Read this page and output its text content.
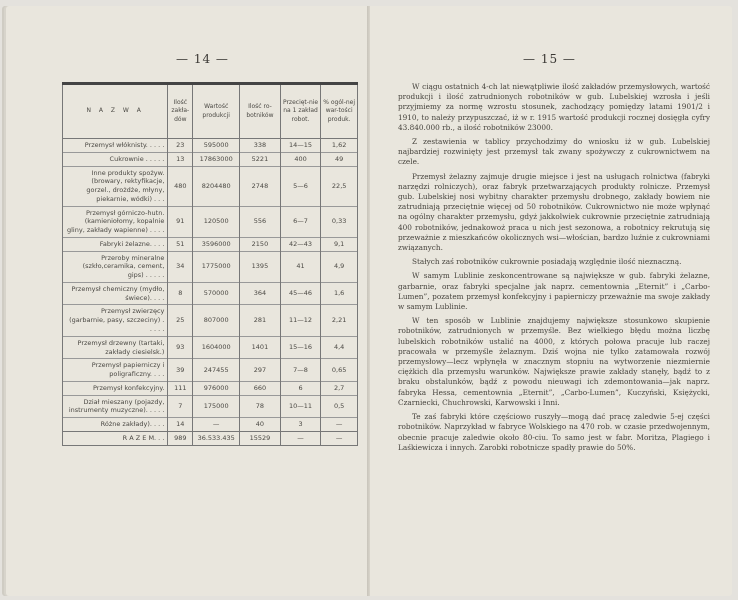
— 14 —
N A Z W A	Ilość zakła-dów	Wartość produkcji	Ilość ro-botników	Przecięt-nie na 1 zakład robot.	% ogól-nej war-tości produk.
Przemysł włóknisty. . . . .	23	595000	338	14—15	1,62
Cukrownie . . . . .	13	17863000	5221	400	49
Inne produkty spożyw. (browary, rektyfikacje, gorzel., drożdże, młyny, piekarnie, wódki) . . .	480	8204480	2748	5—6	22,5
Przemysł górniczo-hutn. (kamieniołomy, kopalnie gliny, zakłady wapienne) . . . .	91	120500	556	6—7	0,33
Fabryki żelazne. . . .	51	3596000	2150	42—43	9,1
Przeroby mineralne (szkło,ceramika, cement, gips) . . . . .	34	1775000	1395	41	4,9
Przemysł chemiczny (mydło, świece). . . .	8	570000	364	45—46	1,6
Przemysł zwierzęcy (garbarnie, pasy, szczeciny) . . . . .	25	807000	281	11—12	2,21
Przemysł drzewny (tartaki, zakłady ciesielsk.)	93	1604000	1401	15—16	4,4
Przemysł papierniczy i poligraficzny. . . .	39	247455	297	7—8	0,65
Przemysł konfekcyjny.	111	976000	660	6	2,7
Dział mieszany (pojazdy, instrumenty muzyczne). . . . .	7	175000	78	10—11	0,5
Różne zakłady). . . .	14	—	40	3	—
R A Z E M. . .	989	36.533.435	15529	—	—
— 15 —

W ciągu ostatnich 4-ch lat niewątpliwie ilość zakładów przemysłowych, wartość produkcji i ilość zatrudnionych robotników w gub. Lubelskiej wzrosła i jeśli przyjmiemy za normę wzrostu stosunek, zachodzący pomiędzy latami 1901/2 i 1910, to należy przypuszczać, iż w r. 1915 wartość produkcji rocznej dosięgła cyfry 43.840.000 rb., a ilość robotników 23000.

Z zestawienia w tablicy przychodzimy do wniosku iż w gub. Lubelskiej najbardziej rozwinięty jest przemysł tak zwany spożywczy z cukrownictwem na czele.

Przemysł żelazny zajmuje drugie miejsce i jest na usługach rolnictwa (fabryki narzędzi rolniczych), oraz fabryk przetwarzających produkty rolnicze. Przemysł gub. Lubelskiej nosi wybitny charakter przemysłu drobnego, zakłady bowiem nie zatrudniają przeciętnie więcej od 50 robotników. Cukrownictwo nie może wpłynąć na ogólny charakter przemysłu, gdyż jakkolwiek cukrownie przeciętnie zatrudniają 400 robotników, jednakowoż praca u nich jest sezonowa, a robotnicy rekrutują się przeważnie z mieszkańców okolicznych wsi—włościan, bardzo luźnie z cukrowniami związanych.

Stałych zaś robotników cukrownie posiadają względnie ilość nieznaczną.

W samym Lublinie zeskoncentrowane są największe w gub. fabryki żelazne, garbarnie, oraz fabryki specjalne jak naprz. cementownia „Eternit” i „Carbo-Lumen”, pozatem przemysł konfekcyjny i papierniczy przeważnie ma swoje zakłady w samym Lublinie.

W ten sposób w Lublinie znajdujemy największe stosunkowo skupienie robotników, zatrudnionych w przemyśle. Bez wielkiego błędu można liczbę lubelskich robotników ustalić na 4000, z których połowa pracuje lub raczej pracowała w przemyśle żelaznym. Dziś wojna nie tylko zatamowała rozwój przemysłowy—lecz wpłynęła w znacznym stopniu na wytworzenie niezmiernie ciężkich dla przemysłu warunków. Największe prawie zakłady stanęły, bądź to z braku obstalunków, bądź z powodu nieuwagi ich zdemontowania—jak naprz. fabryka Hessa, cementownia „Eternit”, „Carbo-Lumen”, Kuczyński, Księżycki, Czarniecki, Chuchrowski, Karwowski i Inni.

Te zaś fabryki które częściowo ruszyły—mogą dać pracę zaledwie 5-ej części robotników. Naprzykład w fabryce Wolskiego na 470 rob. w czasie przedwojennym, obecnie pracuje zaledwie około 80-ciu. To samo jest w fabr. Moritza, Plagiego i Laśkiewicza i innych. Zarobki robotnicze spadły prawie do 50%.
